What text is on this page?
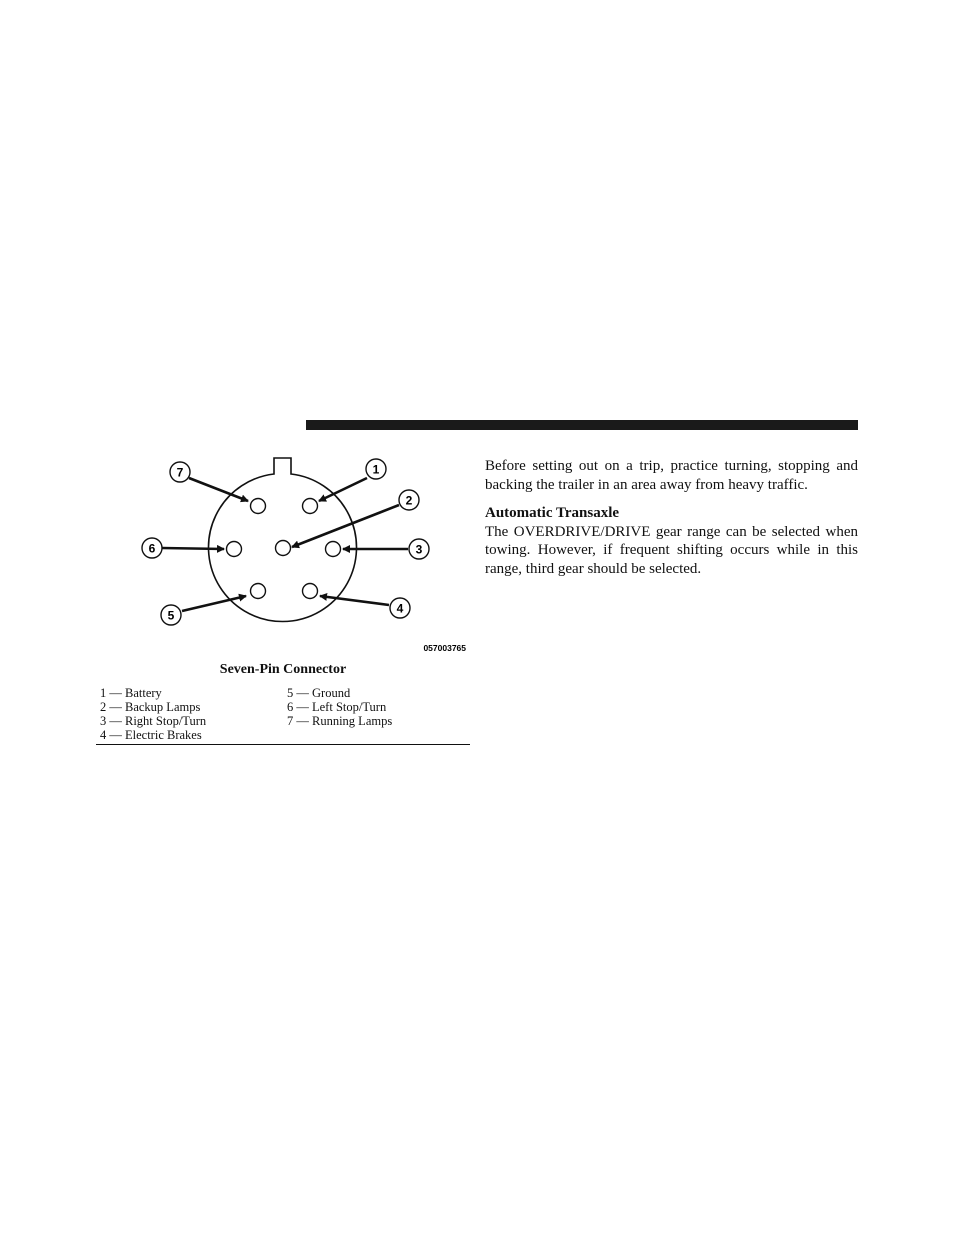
7	1
2
6	3
5	4
057003765
Seven-Pin Connector
1 — Battery
2 — Backup Lamps
3 — Right Stop/Turn
4 — Electric Brakes
5 — Ground
6 — Left Stop/Turn
7 — Running Lamps

Before setting out on a trip, practice turning, stopping and backing the trailer in an area away from heavy traffic.

Automatic Transaxle

The OVERDRIVE/DRIVE gear range can be selected when towing. However, if frequent shifting occurs while in this range, third gear should be selected.
